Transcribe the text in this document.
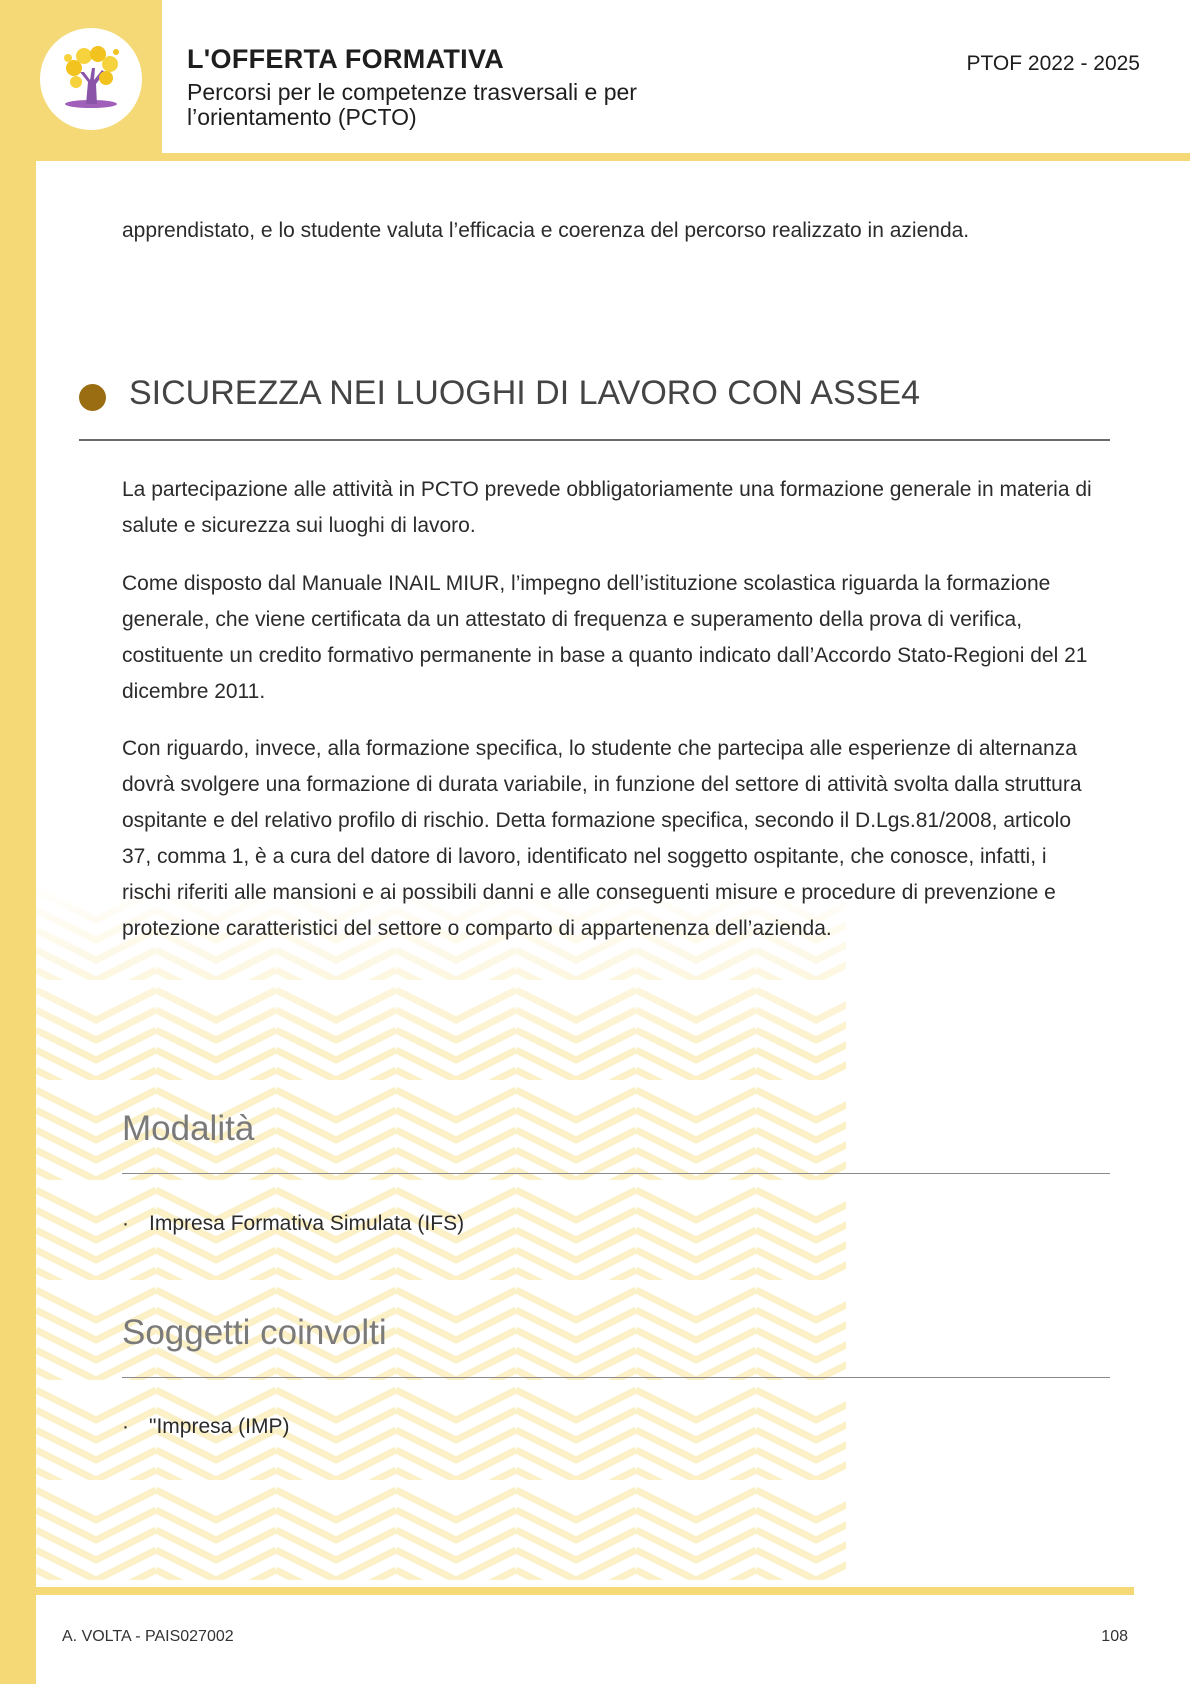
L'OFFERTA FORMATIVA
Percorsi per le competenze trasversali e per l’orientamento (PCTO)
PTOF 2022 - 2025

apprendistato, e lo studente valuta l’efficacia e coerenza del percorso realizzato in azienda.

SICUREZZA NEI LUOGHI DI LAVORO CON ASSE4

La partecipazione alle attività in PCTO prevede obbligatoriamente una formazione generale in materia di salute e sicurezza sui luoghi di lavoro.

Come disposto dal Manuale INAIL MIUR, l’impegno dell’istituzione scolastica riguarda la formazione generale, che viene certificata da un attestato di frequenza e superamento della prova di verifica, costituente un credito formativo permanente in base a quanto indicato dall’Accordo Stato-Regioni del 21 dicembre 2011.

Con riguardo, invece, alla formazione specifica, lo studente che partecipa alle esperienze di alternanza dovrà svolgere una formazione di durata variabile, in funzione del settore di attività svolta dalla struttura ospitante e del relativo profilo di rischio. Detta formazione specifica, secondo il D.Lgs.81/2008, articolo 37, comma 1, è a cura del datore di lavoro, identificato nel soggetto ospitante, che conosce, infatti, i rischi riferiti alle mansioni e ai possibili danni e alle conseguenti misure e procedure di prevenzione e protezione caratteristici del settore o comparto di appartenenza dell’azienda.

Modalità
· Impresa Formativa Simulata (IFS)
Soggetti coinvolti
· "Impresa (IMP)
A. VOLTA - PAIS027002	108
